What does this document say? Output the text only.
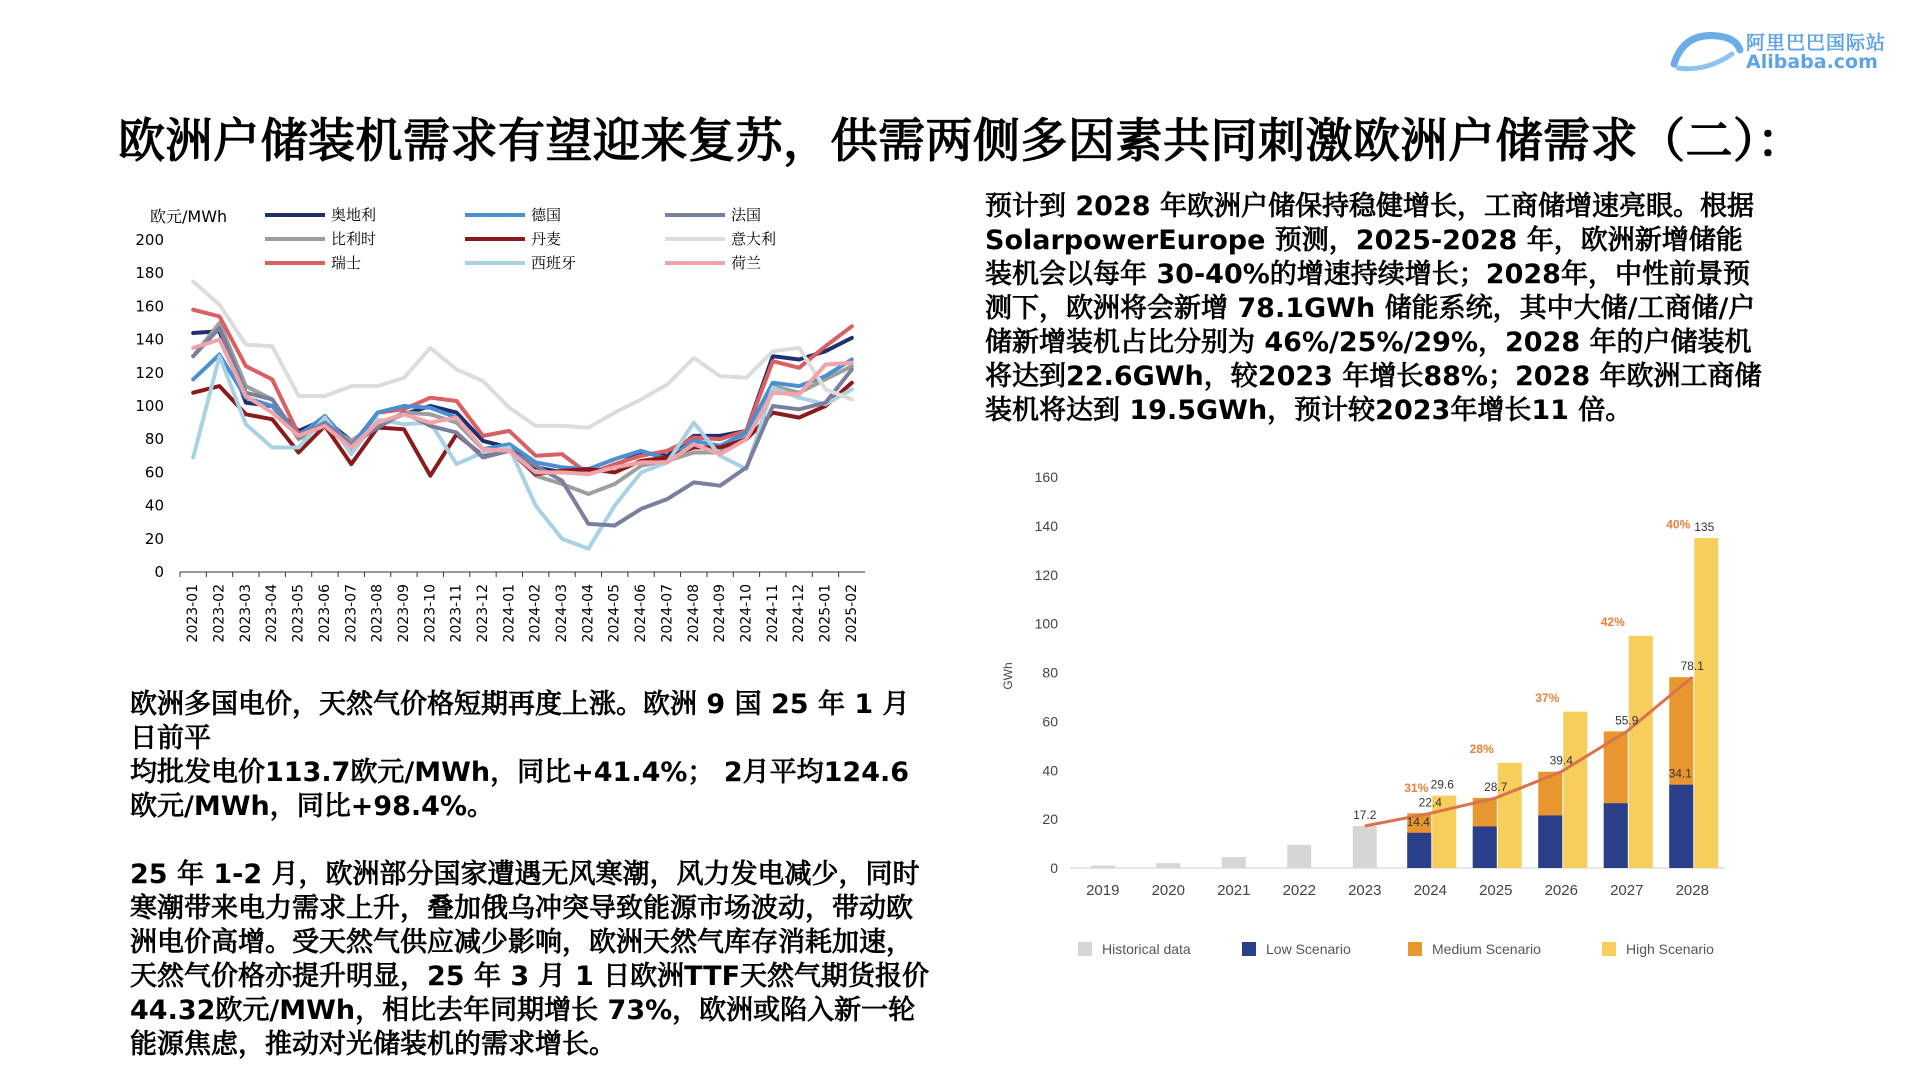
阿里巴巴国际站
Alibaba.com
欧洲户储装机需求有望迎来复苏，供需两侧多因素共同刺激欧洲户储需求（二）：
欧元/MWh
0
20
40
60
80
100
120
140
160
180
200
2023-01 2023-02 2023-03 2023-04 2023-05 2023-06 2023-07 2023-08 2023-09 2023-10 2023-11 2023-12 2024-01 2024-02 2024-03 2024-04 2024-05 2024-06 2024-07 2024-08 2024-09 2024-10 2024-11 2024-12 2025-01 2025-02
奥地利
比利时
瑞士
德国
丹麦
西班牙
法国
意大利
荷兰

预计到 2028 年欧洲户储保持稳健增长，工商储增速亮眼。根据 SolarpowerEurope 预测，2025-2028 年，欧洲新增储能装机会以每年 30-40%的增速持续增长；2028年，中性前景预测下，欧洲将会新增 78.1GWh 储能系统，其中大储/工商储/户储新增装机占比分别为 46%/25%/29%，2028 年的户储装机将达到22.6GWh，较2023 年增长88%；2028 年欧洲工商储装机将达到 19.5GWh，预计较2023年增长11 倍。

0
20
40
60
80
100
120
140
160
GWh
2019 2020 2021 2022 2023 2024 2025 2026 2027 2028
17.2	14.4
22.4
29.6	28.7
39.4
55.9
78.1
34.1
135
31%
28%
37%
42%
40%
Historical data	Low Scenario	Medium Scenario	High Scenario

欧洲多国电价，天然气价格短期再度上涨。欧洲 9 国 25 年 1 月日前平

均批发电价113.7欧元/MWh，同比+41.4%； 2月平均124.6欧元/MWh，同比+98.4%。

25 年 1-2 月，欧洲部分国家遭遇无风寒潮，风力发电减少，同时寒潮带来电力需求上升，叠加俄乌冲突导致能源市场波动，带动欧洲电价高增。受天然气供应减少影响，欧洲天然气库存消耗加速，天然气价格亦提升明显，25 年 3 月 1 日欧洲TTF天然气期货报价44.32欧元/MWh，相比去年同期增长 73%，欧洲或陷入新一轮能源焦虑，推动对光储装机的需求增长。
